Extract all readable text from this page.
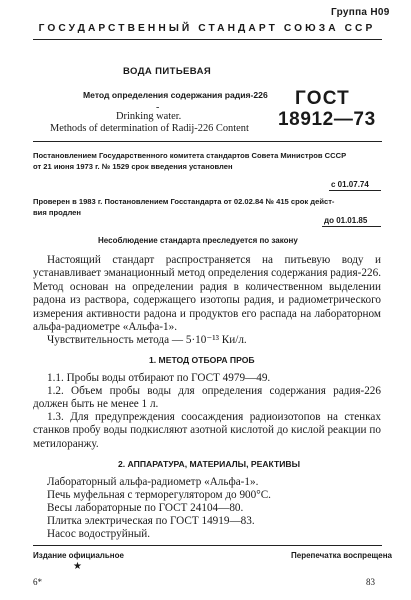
Группа Н09
ГОСУДАРСТВЕННЫЙ СТАНДАРТ СОЮЗА ССР
ВОДА ПИТЬЕВАЯ
Метод определения содержания радия-226
-
Drinking water.
Methods of determination of Radij-226 Content
ГОСТ
18912—73
Постановлением Государственного комитета стандартов Совета Министров СССР
от 21 июня 1973 г. № 1529 срок введения установлен
с 01.07.74
Проверен в 1983 г. Постановлением Госстандарта от 02.02.84 № 415 срок дейст-
вия продлен
до 01.01.85
Несоблюдение стандарта преследуется по закону
Настоящий стандарт распространяется на питьевую воду и устанавливает эманационный метод определения содержания радия-226. Метод основан на определении радия в количественном выделении радона из раствора, содержащего изотопы радия, и радиометрического измерения активности радона и продуктов его распада на лабораторном альфа-радиометре «Альфа-1».
Чувствительность метода — 5·10⁻¹³ Ки/л.
1. МЕТОД ОТБОРА ПРОБ
1.1. Пробы воды отбирают по ГОСТ 4979—49.
1.2. Объем пробы воды для определения содержания радия-226 должен быть не менее 1 л.
1.3. Для предупреждения соосаждения радиоизотопов на стенках станков пробу воды подкисляют азотной кислотой до кислой реакции по метилоранжу.
2. АППАРАТУРА, МАТЕРИАЛЫ, РЕАКТИВЫ
Лабораторный альфа-радиометр «Альфа-1».
Печь муфельная с терморегулятором до 900°С.
Весы лабораторные по ГОСТ 24104—80.
Плитка электрическая по ГОСТ 14919—83.
Насос водоструйный.
Издание официальное	Перепечатка воспрещена
★
6*	83
